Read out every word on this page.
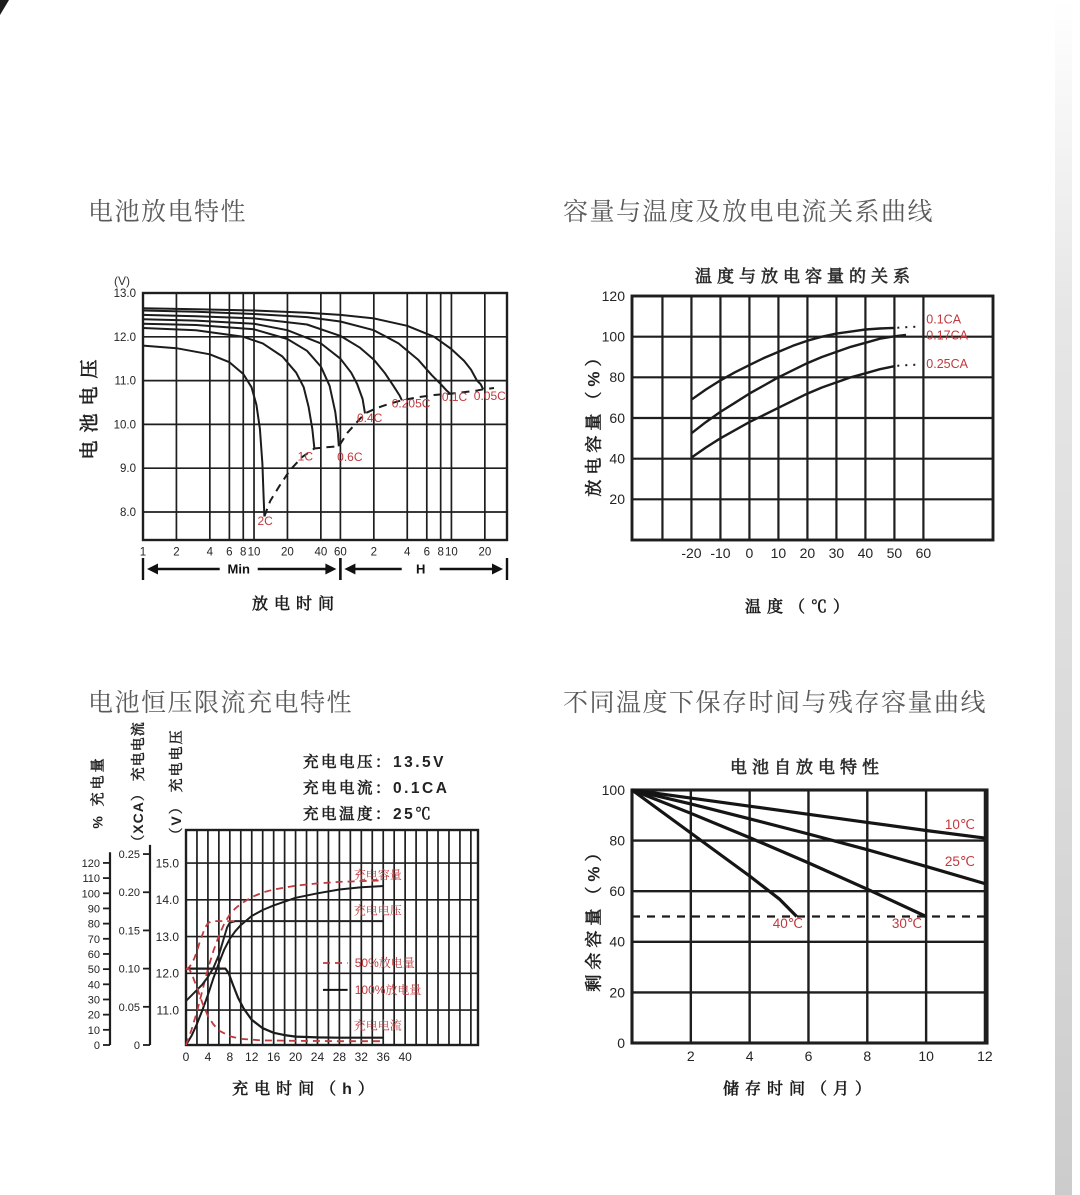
电池放电特性	容量与温度及放电电流关系曲线
电池恒压限流充电特性	不同温度下保存时间与残存容量曲线
温度与放电容量的关系
电池自放电特性
1 2 4 6 8 10 20 40 60 2 4 6 8 10 20
13.0
12.0
11.0
10.0
9.0
8.0
2C
1C 0.6C
0.4C
0.205C 0.1C 0.05C
(V)
Min	H
-20 -10 0 10 20 30 40 50 60
120
100
80
60
40
20
0.1CA
0.17CA
0.25CA
0 4 8 12 16 20 24 28 32 36 40
15.0
14.0
13.0
12.0
11.0
120
110
100
90
80
70
60
50
40
30
20
10
0
0.25
0.20
0.15
0.10
0.05
0
充电容量
充电电压
50%放电量
100%放电量
充电电流
2	4	6	8	10	12
100
80
60
40
20
0
10℃
25℃
30℃
40℃
电池电压	放电容量（%）
剩余容量（%）
% 充电量 （XCA） 充电电流 （V） 充电电压	充电电压：13.5V
充电电流：0.1CA
充电温度：25℃
放电时间	温度（℃）
充电时间（h）	储存时间（月）
